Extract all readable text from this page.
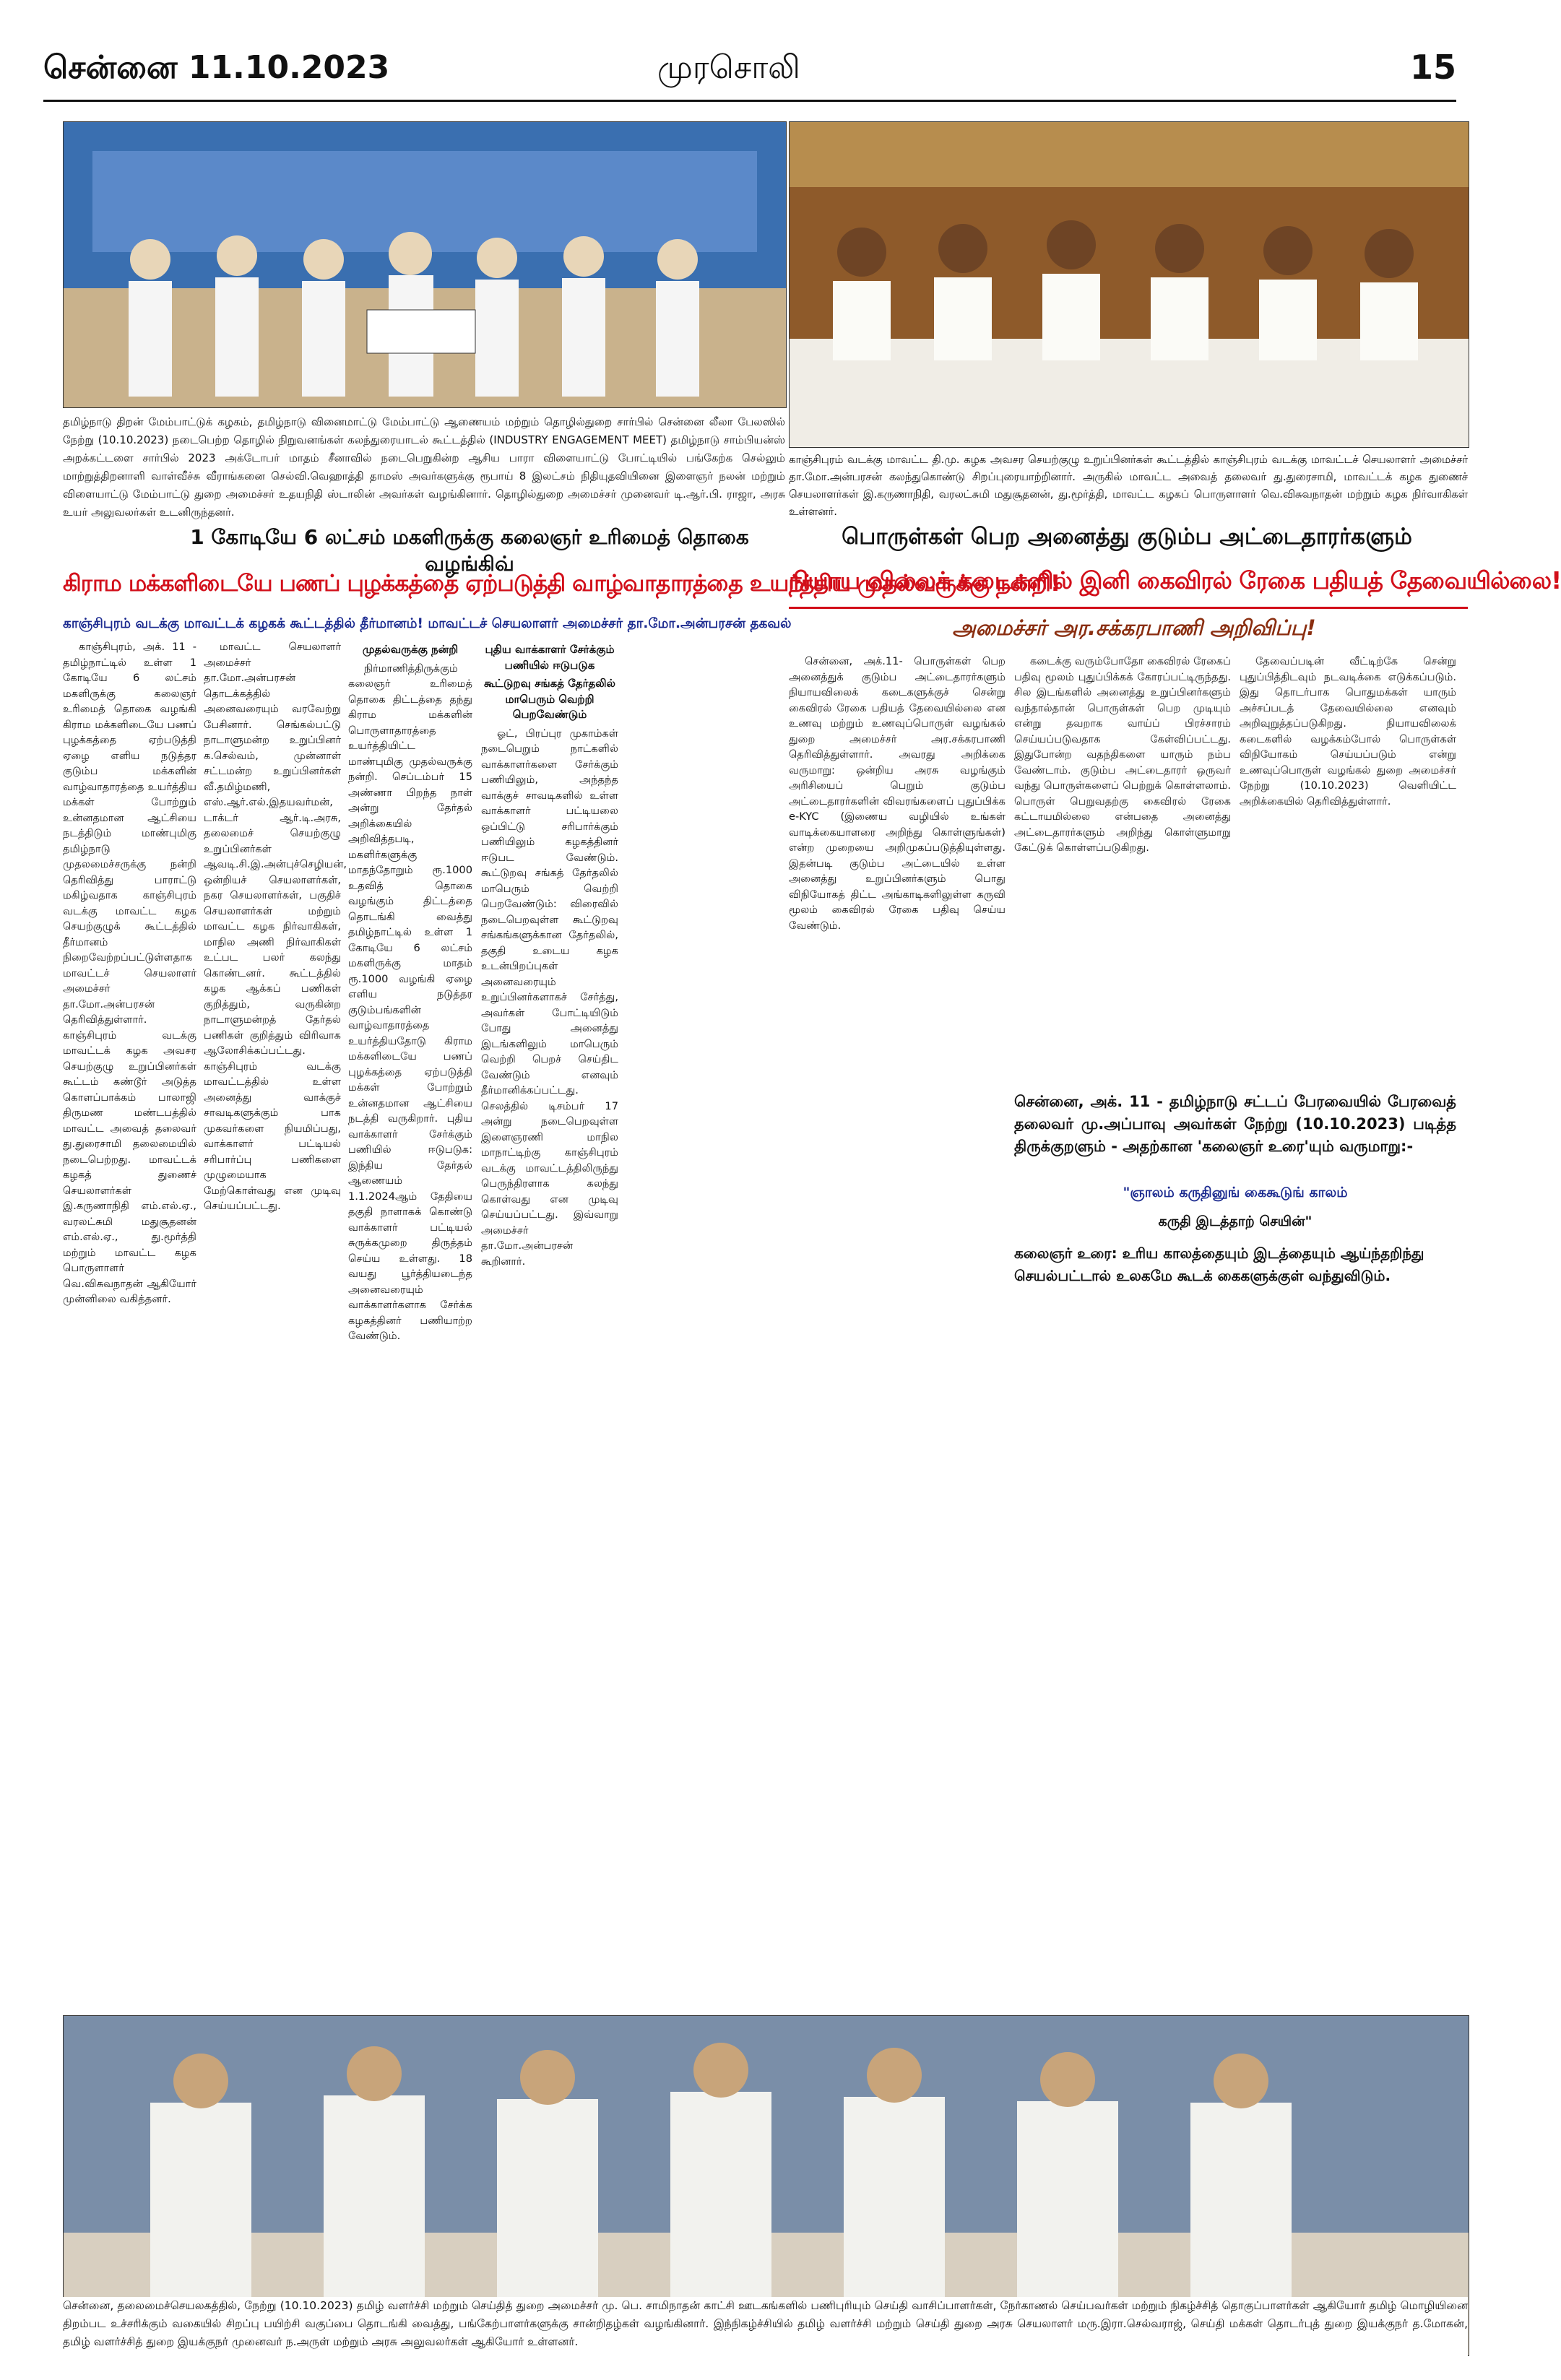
சென்னை 11.10.2023	முரசொலி	15
தமிழ்நாடு திறன் மேம்பாட்டுக் கழகம், தமிழ்நாடு வினைமாட்டு மேம்பாட்டு ஆணையம் மற்றும் தொழில்துறை சார்பில் சென்னை லீலா பேலஸில் நேற்று (10.10.2023) நடைபெற்ற தொழில் நிறுவனங்கள் கலந்துரையாடல் கூட்டத்தில் (INDUSTRY ENGAGEMENT MEET) தமிழ்நாடு சாம்பியன்ஸ் அறக்கட்டளை சார்பில் 2023 அக்டோபர் மாதம் சீனாவில் நடைபெறுகின்ற ஆசிய பாரா விளையாட்டு போட்டியில் பங்கேற்க செல்லும் மாற்றுத்திறனாளி வாள்வீச்சு வீராங்கனை செல்வி.வெஹாத்தி தாமஸ் அவர்களுக்கு ரூபாய் 8 இலட்சம் நிதியுதவியினை இளைஞர் நலன் மற்றும் விளையாட்டு மேம்பாட்டு துறை அமைச்சர் உதயநிதி ஸ்டாலின் அவர்கள் வழங்கினார். தொழில்துறை அமைச்சர் முனைவர் டி.ஆர்.பி. ராஜா, அரசு உயர் அலுவலர்கள் உடனிருந்தனர்.
காஞ்சிபுரம் வடக்கு மாவட்ட தி.மு. கழக அவசர செயற்குழு உறுப்பினர்கள் கூட்டத்தில் காஞ்சிபுரம் வடக்கு மாவட்டச் செயலாளர் அமைச்சர் தா.மோ.அன்பரசன் கலந்துகொண்டு சிறப்புரையாற்றினார். அருகில் மாவட்ட அவைத் தலைவர் து.துரைசாமி, மாவட்டக் கழக துணைச் செயலாளர்கள் இ.கருணாநிதி, வரலட்சுமி மதுசூதனன், து.மூர்த்தி, மாவட்ட கழகப் பொருளாளர் வெ.விசுவநாதன் மற்றும் கழக நிர்வாகிகள் உள்ளனர்.
1 கோடியே 6 லட்சம் மகளிருக்கு கலைஞர் உரிமைத் தொகை வழங்கிவ்
கிராம மக்களிடையே பணப் புழக்கத்தை ஏற்படுத்தி வாழ்வாதாரத்தை உயர்த்திய முதல்வருக்கு நன்றி!
காஞ்சிபுரம் வடக்கு மாவட்டக் கழகக் கூட்டத்தில் தீர்மானம்! மாவட்டச் செயலாளர் அமைச்சர் தா.மோ.அன்பரசன் தகவல்

காஞ்சிபுரம், அக். 11 - தமிழ்நாட்டில் உள்ள 1 கோடியே 6 லட்சம் மகளிருக்கு கலைஞர் உரிமைத் தொகை வழங்கி கிராம மக்களிடையே பணப் புழக்கத்தை ஏற்படுத்தி ஏழை எளிய நடுத்தர குடும்ப மக்களின் வாழ்வாதாரத்தை உயர்த்திய மக்கள் போற்றும் உன்னதமான ஆட்சியை நடத்திடும் மாண்புமிகு தமிழ்நாடு முதலமைச்சருக்கு நன்றி தெரிவித்து பாராட்டு மகிழ்வதாக காஞ்சிபுரம் வடக்கு மாவட்ட கழக செயற்குழுக் கூட்டத்தில் தீர்மானம் நிறைவேற்றப்பட்டுள்ளதாக மாவட்டச் செயலாளர் அமைச்சர் தா.மோ.அன்பரசன் தெரிவித்துள்ளார். காஞ்சிபுரம் வடக்கு மாவட்டக் கழக அவசர செயற்குழு உறுப்பினர்கள் கூட்டம் கண்டூர் அடுத்த கொளப்பாக்கம் பாலாஜி திருமண மண்டபத்தில் மாவட்ட அவைத் தலைவர் து.துரைசாமி தலைமையில் நடைபெற்றது. மாவட்டக் கழகத் துணைச் செயலாளர்கள் இ.கருணாநிதி எம்.எல்.ஏ., வரலட்சுமி மதுசூதனன் எம்.எல்.ஏ., து.மூர்த்தி மற்றும் மாவட்ட கழக பொருளாளர் வெ.விசுவநாதன் ஆகியோர் முன்னிலை வகித்தனர்.

மாவட்ட செயலாளர் அமைச்சர் தா.மோ.அன்பரசன் தொடக்கத்தில் அனைவரையும் வரவேற்று பேசினார். செங்கல்பட்டு நாடாளுமன்ற உறுப்பினர் க.செல்வம், முன்னாள் சட்டமன்ற உறுப்பினர்கள் வீ.தமிழ்மணி, எஸ்.ஆர்.எல்.இதயவர்மன், டாக்டர் ஆர்.டி.அரசு, தலைமைச் செயற்குழு உறுப்பினர்கள் ஆவடி.சி.இ.அன்புச்செழியன், ஒன்றியச் செயலாளர்கள், நகர செயலாளர்கள், பகுதிச் செயலாளர்கள் மற்றும் மாவட்ட கழக நிர்வாகிகள், மாநில அணி நிர்வாகிகள் உட்பட பலர் கலந்து கொண்டனர். கூட்டத்தில் கழக ஆக்கப் பணிகள் குறித்தும், வருகின்ற நாடாளுமன்றத் தேர்தல் பணிகள் குறித்தும் விரிவாக ஆலோசிக்கப்பட்டது. காஞ்சிபுரம் வடக்கு மாவட்டத்தில் உள்ள அனைத்து வாக்குச் சாவடிகளுக்கும் பாக முகவர்களை நியமிப்பது, வாக்காளர் பட்டியல் சரிபார்ப்பு பணிகளை முழுமையாக மேற்கொள்வது என முடிவு செய்யப்பட்டது.

முதல்வருக்கு நன்றி

நிர்மாணித்திருக்கும் கலைஞர் உரிமைத் தொகை திட்டத்தை தந்து கிராம மக்களின் பொருளாதாரத்தை உயர்த்தியிட்ட மாண்புமிகு முதல்வருக்கு நன்றி. செப்டம்பர் 15 அண்ணா பிறந்த நாள் அன்று தேர்தல் அறிக்கையில் அறிவித்தபடி, மகளிர்களுக்கு மாதந்தோறும் ரூ.1000 உதவித் தொகை வழங்கும் திட்டத்தை தொடங்கி வைத்து தமிழ்நாட்டில் உள்ள 1 கோடியே 6 லட்சம் மகளிருக்கு மாதம் ரூ.1000 வழங்கி ஏழை எளிய நடுத்தர குடும்பங்களின் வாழ்வாதாரத்தை உயர்த்தியதோடு கிராம மக்களிடையே பணப் புழக்கத்தை ஏற்படுத்தி மக்கள் போற்றும் உன்னதமான ஆட்சியை நடத்தி வருகிறார். புதிய வாக்காளர் சேர்க்கும் பணியில் ஈடுபடுக: இந்திய தேர்தல் ஆணையம் 1.1.2024ஆம் தேதியை தகுதி நாளாகக் கொண்டு வாக்காளர் பட்டியல் சுருக்கமுறை திருத்தம் செய்ய உள்ளது. 18 வயது பூர்த்தியடைந்த அனைவரையும் வாக்காளர்களாக சேர்க்க கழகத்தினர் பணியாற்ற வேண்டும்.

புதிய வாக்காளர் சேர்க்கும் பணியில் ஈடுபடுக
கூட்டுறவு சங்கத் தேர்தலில் மாபெரும் வெற்றி பெறவேண்டும்

ஓட், பிரப்புர முகாம்கள் நடைபெறும் நாட்களில் வாக்காளர்களை சேர்க்கும் பணியிலும், அந்தந்த வாக்குச் சாவடிகளில் உள்ள வாக்காளர் பட்டியலை ஒப்பிட்டு சரிபார்க்கும் பணியிலும் கழகத்தினர் ஈடுபட வேண்டும். கூட்டுறவு சங்கத் தேர்தலில் மாபெரும் வெற்றி பெறவேண்டும்: விரைவில் நடைபெறவுள்ள கூட்டுறவு சங்கங்களுக்கான தேர்தலில், தகுதி உடைய கழக உடன்பிறப்புகள் அனைவரையும் உறுப்பினர்களாகச் சேர்த்து, அவர்கள் போட்டியிடும் போது அனைத்து இடங்களிலும் மாபெரும் வெற்றி பெறச் செய்திட வேண்டும் எனவும் தீர்மானிக்கப்பட்டது. செலத்தில் டிசம்பர் 17 அன்று நடைபெறவுள்ள இளைஞரணி மாநில மாநாட்டிற்கு காஞ்சிபுரம் வடக்கு மாவட்டத்திலிருந்து பெருந்திரளாக கலந்து கொள்வது என முடிவு செய்யப்பட்டது. இவ்வாறு அமைச்சர் தா.மோ.அன்பரசன் கூறினார்.

பொருள்கள் பெற அனைத்து குடும்ப அட்டைதாரர்களும்
நியாய விலைக் கடைகளில் இனி கைவிரல் ரேகை பதியத் தேவையில்லை!
அமைச்சர் அர.சக்கரபாணி அறிவிப்பு!

சென்னை, அக்.11- பொருள்கள் பெற அனைத்துக் குடும்ப அட்டைதாரர்களும் நியாயவிலைக் கடைகளுக்குச் சென்று கைவிரல் ரேகை பதியத் தேவையில்லை என உணவு மற்றும் உணவுப்பொருள் வழங்கல் துறை அமைச்சர் அர.சக்கரபாணி தெரிவித்துள்ளார். அவரது அறிக்கை வருமாறு: ஒன்றிய அரசு வழங்கும் அரிசியைப் பெறும் குடும்ப அட்டைதாரர்களின் விவரங்களைப் புதுப்பிக்க e-KYC (இணைய வழியில் உங்கள் வாடிக்கையாளரை அறிந்து கொள்ளுங்கள்) என்ற முறையை அறிமுகப்படுத்தியுள்ளது. இதன்படி குடும்ப அட்டையில் உள்ள அனைத்து உறுப்பினர்களும் பொது விநியோகத் திட்ட அங்காடிகளிலுள்ள கருவி மூலம் கைவிரல் ரேகை பதிவு செய்ய வேண்டும்.

கடைக்கு வரும்போதோ கைவிரல் ரேகைப் பதிவு மூலம் புதுப்பிக்கக் கோரப்பட்டிருந்தது. சில இடங்களில் அனைத்து உறுப்பினர்களும் வந்தால்தான் பொருள்கள் பெற முடியும் என்று தவறாக வாய்ப் பிரச்சாரம் செய்யப்படுவதாக கேள்விப்பட்டது. இதுபோன்ற வதந்திகளை யாரும் நம்ப வேண்டாம். குடும்ப அட்டைதாரர் ஒருவர் வந்து பொருள்களைப் பெற்றுக் கொள்ளலாம். பொருள் பெறுவதற்கு கைவிரல் ரேகை கட்டாயமில்லை என்பதை அனைத்து அட்டைதாரர்களும் அறிந்து கொள்ளுமாறு கேட்டுக் கொள்ளப்படுகிறது.

தேவைப்படின் வீட்டிற்கே சென்று புதுப்பித்திடவும் நடவடிக்கை எடுக்கப்படும். இது தொடர்பாக பொதுமக்கள் யாரும் அச்சப்படத் தேவையில்லை எனவும் அறிவுறுத்தப்படுகிறது. நியாயவிலைக் கடைகளில் வழக்கம்போல் பொருள்கள் விநியோகம் செய்யப்படும் என்று உணவுப்பொருள் வழங்கல் துறை அமைச்சர் நேற்று (10.10.2023) வெளியிட்ட அறிக்கையில் தெரிவித்துள்ளார்.

சென்னை, அக். 11 - தமிழ்நாடு சட்டப் பேரவையில் பேரவைத் தலைவர் மு.அப்பாவு அவர்கள் நேற்று (10.10.2023) படித்த திருக்குறளும் - அதற்கான 'கலைஞர் உரை'யும் வருமாறு:-
"ஞாலம் கருதினுங் கைகூடுங் காலம்
கருதி இடத்தாற் செயின்"
கலைஞர் உரை: உரிய காலத்தையும் இடத்தையும் ஆய்ந்தறிந்து செயல்பட்டால் உலகமே கூடக் கைகளுக்குள் வந்துவிடும்.
சென்னை, தலைமைச்செயலகத்தில், நேற்று (10.10.2023) தமிழ் வளர்ச்சி மற்றும் செய்தித் துறை அமைச்சர் மு. பெ. சாமிநாதன் காட்சி ஊடகங்களில் பணிபுரியும் செய்தி வாசிப்பாளர்கள், நேர்காணல் செய்பவர்கள் மற்றும் நிகழ்ச்சித் தொகுப்பாளர்கள் ஆகியோர் தமிழ் மொழியினை திறம்பட உச்சரிக்கும் வகையில் சிறப்பு பயிற்சி வகுப்பை தொடங்கி வைத்து, பங்கேற்பாளர்களுக்கு சான்றிதழ்கள் வழங்கினார். இந்நிகழ்ச்சியில் தமிழ் வளர்ச்சி மற்றும் செய்தி துறை அரசு செயலாளர் மரு.இரா.செல்வராஜ், செய்தி மக்கள் தொடர்புத் துறை இயக்குநர் த.மோகன், தமிழ் வளர்ச்சித் துறை இயக்குநர் முனைவர் ந.அருள் மற்றும் அரசு அலுவலர்கள் ஆகியோர் உள்ளனர்.
